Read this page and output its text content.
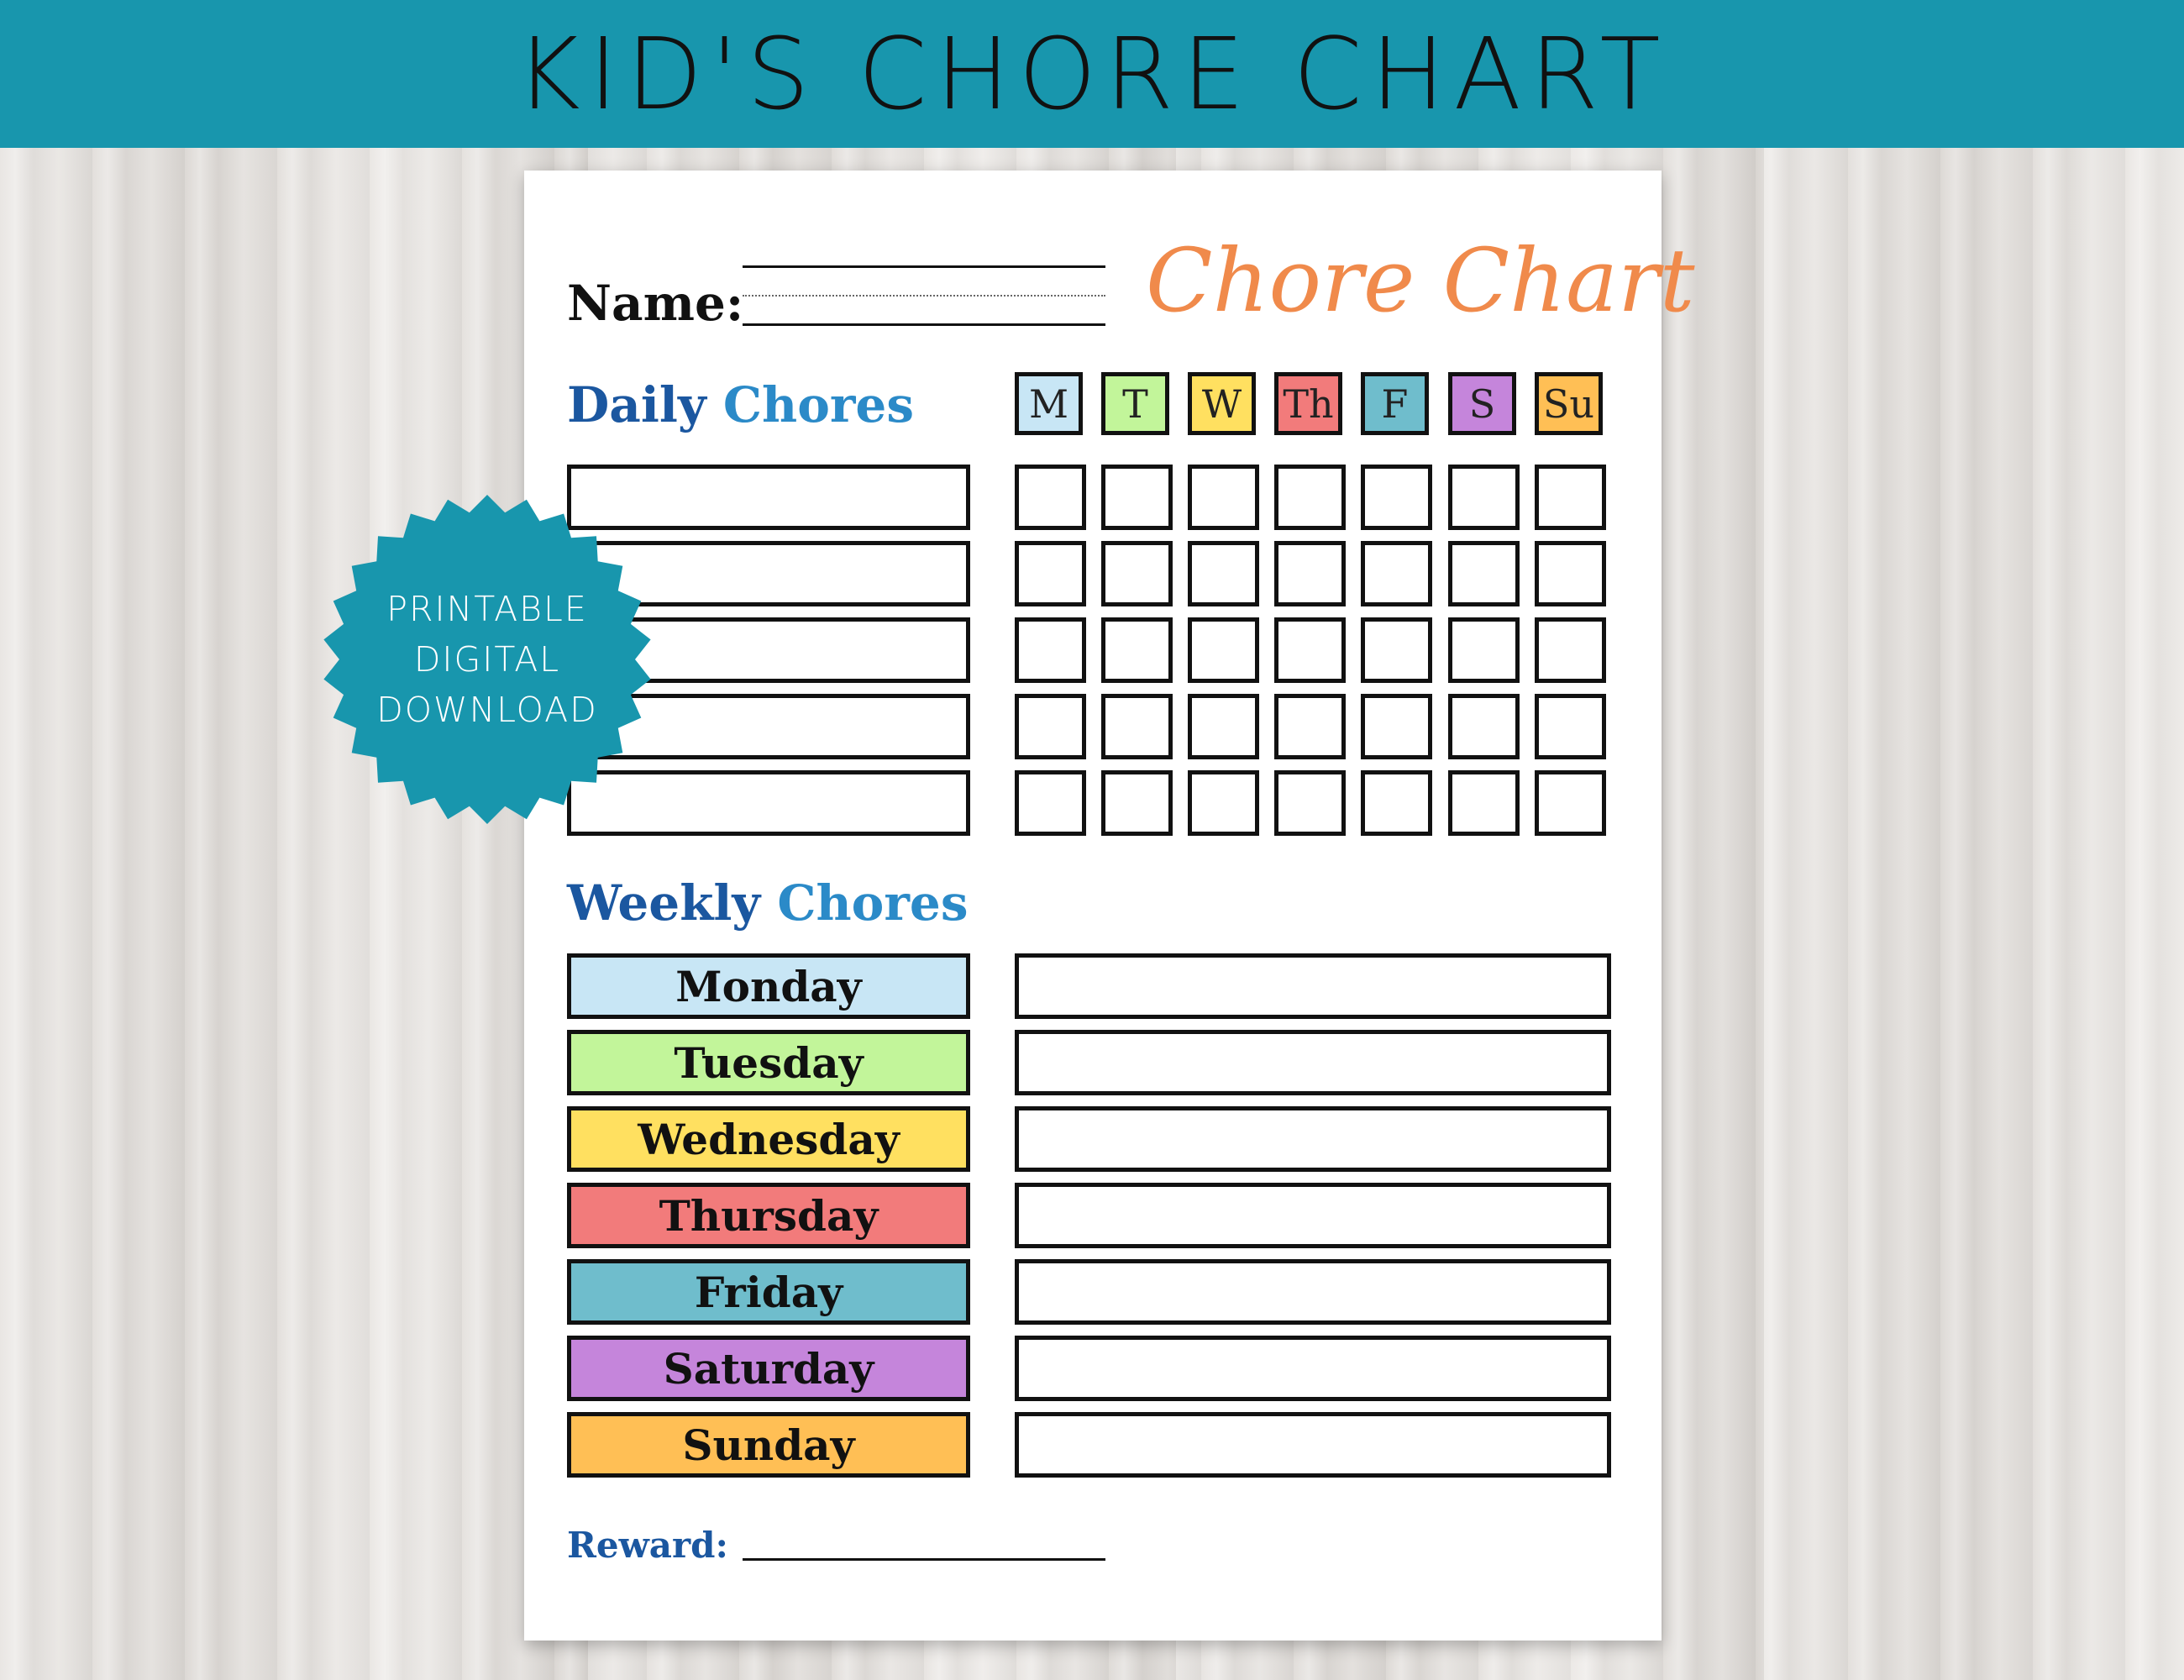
KID'S CHORE CHART
Name:	Chore Chart
Daily Chores	M	T	W	Th	F	S	Su
Weekly Chores
Monday
Tuesday
Wednesday
Thursday
Friday
Saturday
Sunday
Reward:
PRINTABLE
DIGITAL
DOWNLOAD
